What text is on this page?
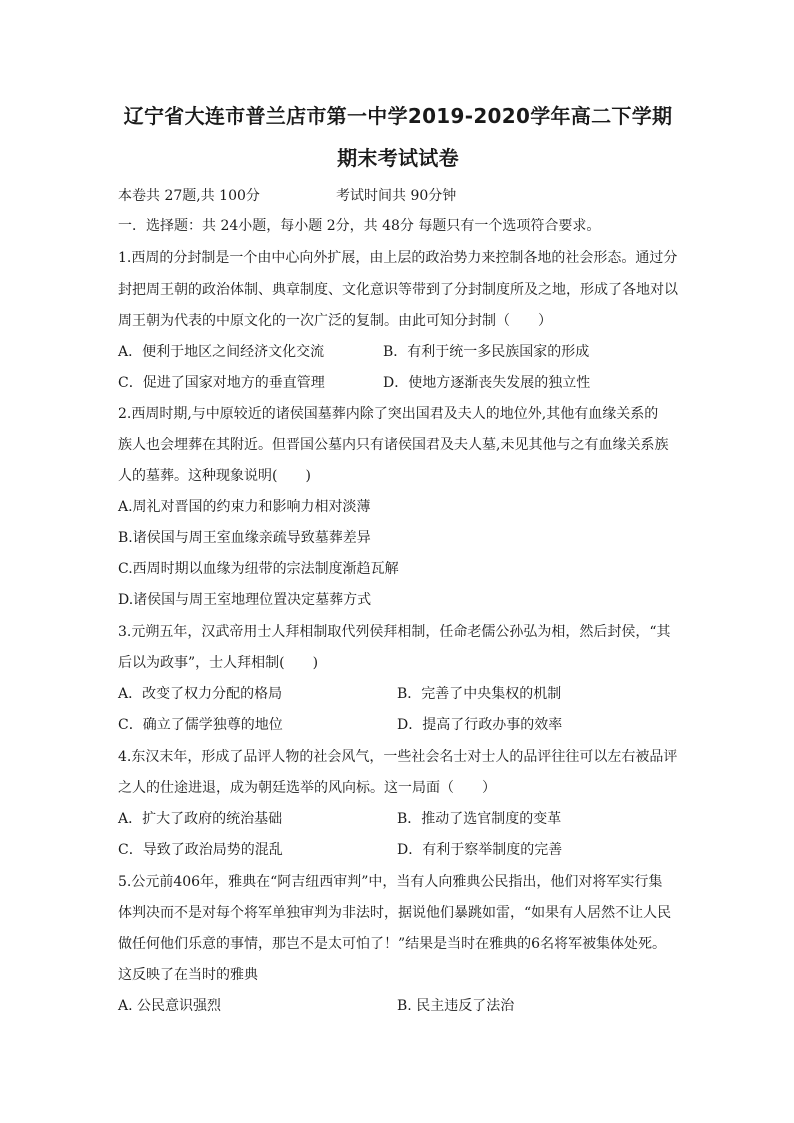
辽宁省大连市普兰店市第一中学2019-2020学年高二下学期
期末考试试卷
本卷共 27题,共 100分	考试时间共 90分钟
一．选择题：共 24小题，每小题 2分，共 48分 每题只有一个选项符合要求。
1.西周的分封制是一个由中心向外扩展，由上层的政治势力来控制各地的社会形态。通过分
封把周王朝的政治体制、典章制度、文化意识等带到了分封制度所及之地，形成了各地对以
周王朝为代表的中原文化的一次广泛的复制。由此可知分封制（　　）
A．便利于地区之间经济文化交流	B．有利于统一多民族国家的形成
C．促进了国家对地方的垂直管理	D．使地方逐渐丧失发展的独立性
2.西周时期,与中原较近的诸侯国墓葬内除了突出国君及夫人的地位外,其他有血缘关系的
族人也会埋葬在其附近。但晋国公墓内只有诸侯国君及夫人墓,未见其他与之有血缘关系族
人的墓葬。这种现象说明(　　)
A.周礼对晋国的约束力和影响力相对淡薄
B.诸侯国与周王室血缘亲疏导致墓葬差异
C.西周时期以血缘为纽带的宗法制度渐趋瓦解
D.诸侯国与周王室地理位置决定墓葬方式
3.元朔五年，汉武帝用士人拜相制取代列侯拜相制，任命老儒公孙弘为相，然后封侯，“其
后以为政事”，士人拜相制(　　)
A．改变了权力分配的格局	B．完善了中央集权的机制
C．确立了儒学独尊的地位	D．提高了行政办事的效率
4.东汉末年，形成了品评人物的社会风气，一些社会名士对士人的品评往往可以左右被品评
之人的仕途进退，成为朝廷选举的风向标。这一局面（　　）
A．扩大了政府的统治基础	B．推动了选官制度的变革
C．导致了政治局势的混乱	D．有利于察举制度的完善
5.公元前406年，雅典在“阿吉纽西审判”中，当有人向雅典公民指出，他们对将军实行集
体判决而不是对每个将军单独审判为非法时，据说他们暴跳如雷，“如果有人居然不让人民
做任何他们乐意的事情，那岂不是太可怕了！”结果是当时在雅典的6名将军被集体处死。
这反映了在当时的雅典
A. 公民意识强烈	B. 民主违反了法治
